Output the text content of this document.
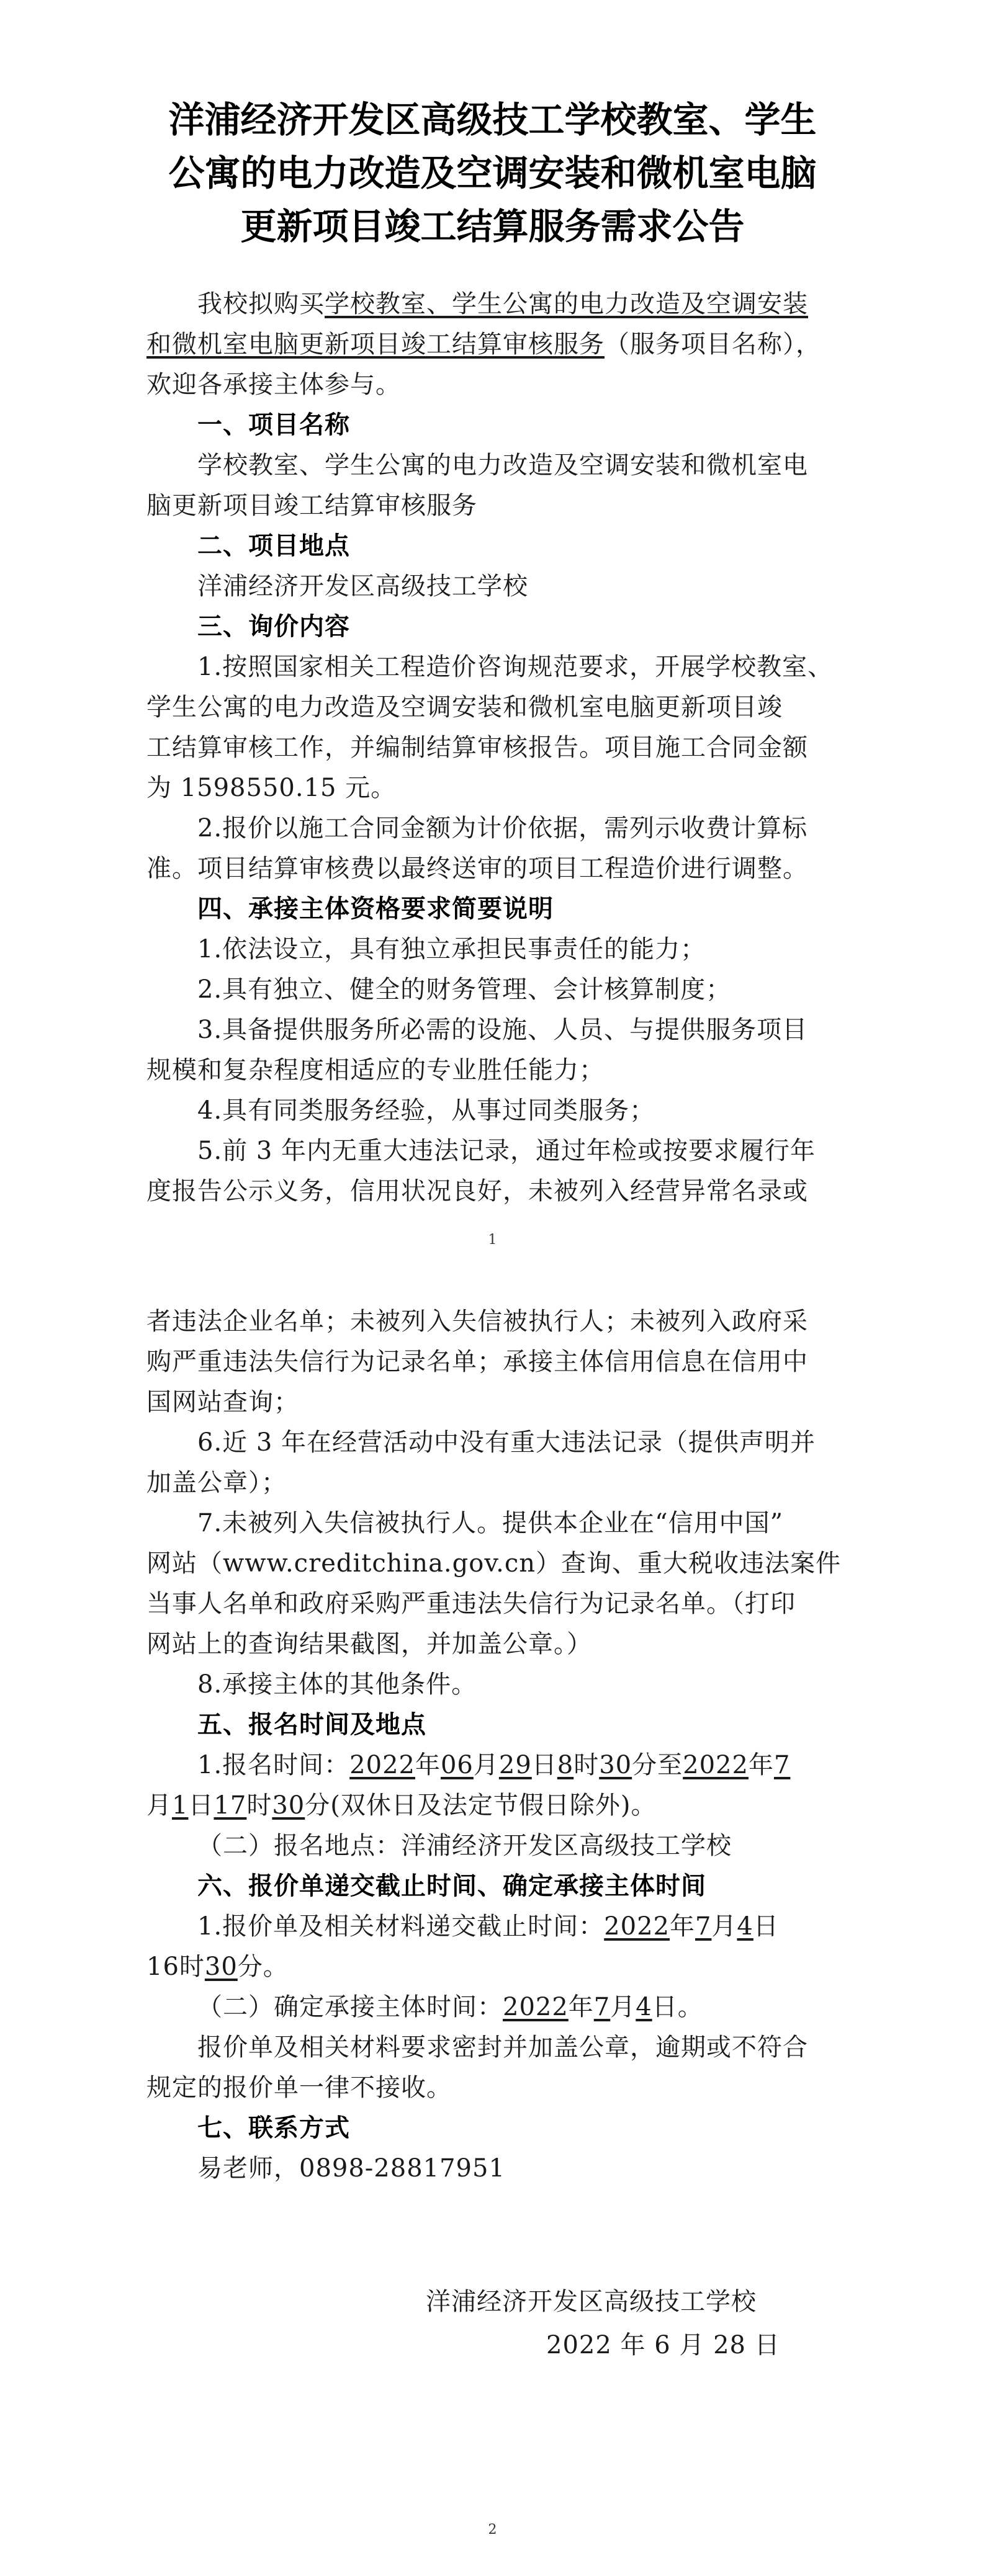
洋浦经济开发区高级技工学校教室、学生
公寓的电力改造及空调安装和微机室电脑
更新项目竣工结算服务需求公告
我校拟购买学校教室、学生公寓的电力改造及空调安装
和微机室电脑更新项目竣工结算审核服务（服务项目名称），
欢迎各承接主体参与。
一、项目名称
学校教室、学生公寓的电力改造及空调安装和微机室电
脑更新项目竣工结算审核服务
二、项目地点
洋浦经济开发区高级技工学校
三、询价内容
1.按照国家相关工程造价咨询规范要求，开展学校教室、
学生公寓的电力改造及空调安装和微机室电脑更新项目竣
工结算审核工作，并编制结算审核报告。项目施工合同金额
为 1598550.15 元。
2.报价以施工合同金额为计价依据，需列示收费计算标
准。项目结算审核费以最终送审的项目工程造价进行调整。
四、承接主体资格要求简要说明
1.依法设立，具有独立承担民事责任的能力；
2.具有独立、健全的财务管理、会计核算制度；
3.具备提供服务所必需的设施、人员、与提供服务项目
规模和复杂程度相适应的专业胜任能力；
4.具有同类服务经验，从事过同类服务；
5.前 3 年内无重大违法记录，通过年检或按要求履行年
度报告公示义务，信用状况良好，未被列入经营异常名录或
1
者违法企业名单；未被列入失信被执行人；未被列入政府采
购严重违法失信行为记录名单；承接主体信用信息在信用中
国网站查询；
6.近 3 年在经营活动中没有重大违法记录（提供声明并
加盖公章）；
7.未被列入失信被执行人。提供本企业在“信用中国”
网站（www.creditchina.gov.cn）查询、重大税收违法案件
当事人名单和政府采购严重违法失信行为记录名单。（打印
网站上的查询结果截图，并加盖公章。）
8.承接主体的其他条件。
五、报名时间及地点
1.报名时间：2022年06月29日8时30分至2022年7
月1日17时30分(双休日及法定节假日除外)。
（二）报名地点：洋浦经济开发区高级技工学校
六、报价单递交截止时间、确定承接主体时间
1.报价单及相关材料递交截止时间：2022年7月4日
16时30分。
（二）确定承接主体时间：2022年7月4日。
报价单及相关材料要求密封并加盖公章，逾期或不符合
规定的报价单一律不接收。
七、联系方式
易老师，0898-28817951
洋浦经济开发区高级技工学校
2022 年 6 月 28 日
2
